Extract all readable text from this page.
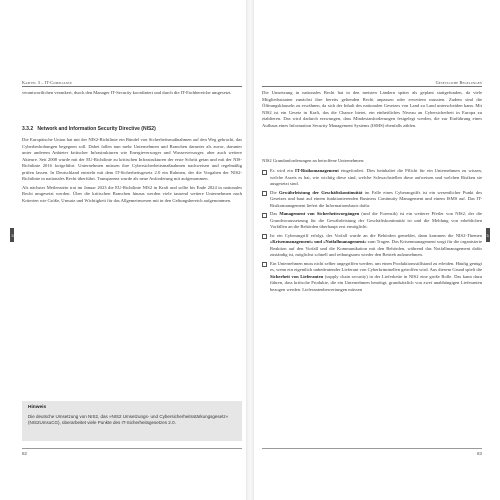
3	3
Kapitel 3 – IT-Compliance

verantwortlichen verankert, durch den Manager IT-Security koordiniert und durch die IT-Fachbereiche umgesetzt.

3.3.2 Network and Information Security Directive (NIS2)

Die Europäische Union hat mit der NIS2-Richtlinie ein Bündel von Sicherheitsmaßnahmen auf den Weg gebracht, das Cyberbedrohungen begegnen soll. Dabei fallen nun mehr Unternehmen und Branchen darunter als zuvor, darunter unter anderem Anbieter kritischer Infrastrukturen wie Energieversorger und Wasserversorger, aber auch weitere Akteure. Seit 2008 wurde mit der EU-Richtlinie zu kritischen Infrastrukturen der erste Schritt getan und mit der NIS-Richtlinie 2016 fortgeführt. Unternehmen müssen ihre Cybersicherheitsmaßnahmen nachweisen und regelmäßig prüfen lassen. In Deutschland entsteht mit dem IT-Sicherheitsgesetz 2.0 ein Rahmen, der die Vorgaben der NIS2-Richtlinie in nationales Recht überführt. Transparenz wurde als neue Anforderung mit aufgenommen.

Als nächster Meilenstein trat im Januar 2023 die EU-Richtlinie NIS2 in Kraft und sollte bis Ende 2024 in nationales Recht umgesetzt werden. Über die kritischen Branchen hinaus werden viele tausend weitere Unternehmen nach Kriterien wie Größe, Umsatz und Wichtigkeit für das Allgemeinwesen mit in den Geltungsbereich aufgenommen.

Hinweis
Die deutsche Umsetzung von NIS2, das »NIS2 Umsetzungs- und Cybersicherheitsstärkungsgesetz« (NIS2UmsuCG), überarbeitet viele Punkte des IT-Sicherheitsgesetzes 2.0.
82
Gesetzliche Regelungen

Die Umsetzung in nationales Recht hat in den meisten Ländern später als geplant stattgefunden, da viele Mitgliedsstaaten zunächst ihre bereits geltenden Recht anpassen oder erweitern mussten. Zudem sind die Öffnungsklauseln zu erwähnen, da sich der Inhalt des nationalen Gesetzes von Land zu Land unterscheiden kann. Mit NIS2 ist ein Gesetz in Kraft, das die Chance bietet, ein einheitliches Niveau an Cybersicherheit in Europa zu etablieren. Das wird dadurch erzwungen, dass Mindestanforderungen festgelegt werden, die zur Einführung eines Aufbaus eines Information Security Management Systems (ISMS) ebenfalls zählen.

NIS2 Grundanforderungen an betroffene Unternehmen:
Es wird ein IT-Risikomanagement eingefordert. Dies beinhaltet die Pflicht für ein Unternehmen zu wissen, welche Assets es hat, wie wichtig diese sind, welche Schwachstellen diese aufweisen und welchen Risiken sie ausgesetzt sind.
Die Gewährleistung der Geschäftskontinuität im Falle eines Cyberangriffs ist ein wesentlicher Punkt des Gesetzes und baut auf einem funktionierenden Business Continuity Management und einem ISMS auf. Das IT-Risikomanagement liefert die Informationsbasis dafür.
Das Management von Sicherheitsvorgängen (und die Forensik) ist ein weiterer Pfeiler von NIS2, der die Grundvoraussetzung für die Gewährleistung der Geschäftskontinuität ist und die Meldung von erheblichen Vorfällen an die Behörden überhaupt erst ermöglicht.
Ist ein Cyberangriff erfolgt, der Vorfall wurde an die Behörden gemeldet, dann kommen die NIS2-Themen »Krisenmanagement« und »Notfallmanagement« zum Tragen. Das Krisenmanagement sorgt für die organisierte Reaktion auf den Vorfall und die Kommunikation mit den Behörden, während das Notfallmanagement dafür zuständig ist, möglichst schnell und reibungsarm wieder den Betrieb aufzunehmen.
Ein Unternehmen muss nicht selber angegriffen werden, um einen Produktionsstillstand zu erleiden. Häufig genügt es, wenn ein eigentlich unbedeutender Lieferant von Cyberkriminellen getroffen wird. Aus diesem Grund spielt die Sicherheit von Lieferanten (supply chain security) in der Lieferkette in NIS2 eine große Rolle. Das kann dazu führen, dass kritische Produkte, die ein Unternehmen benötigt, grundsätzlich von zwei unabhängigen Lieferanten bezogen werden. Lieferantenbewertungen müssen
83
